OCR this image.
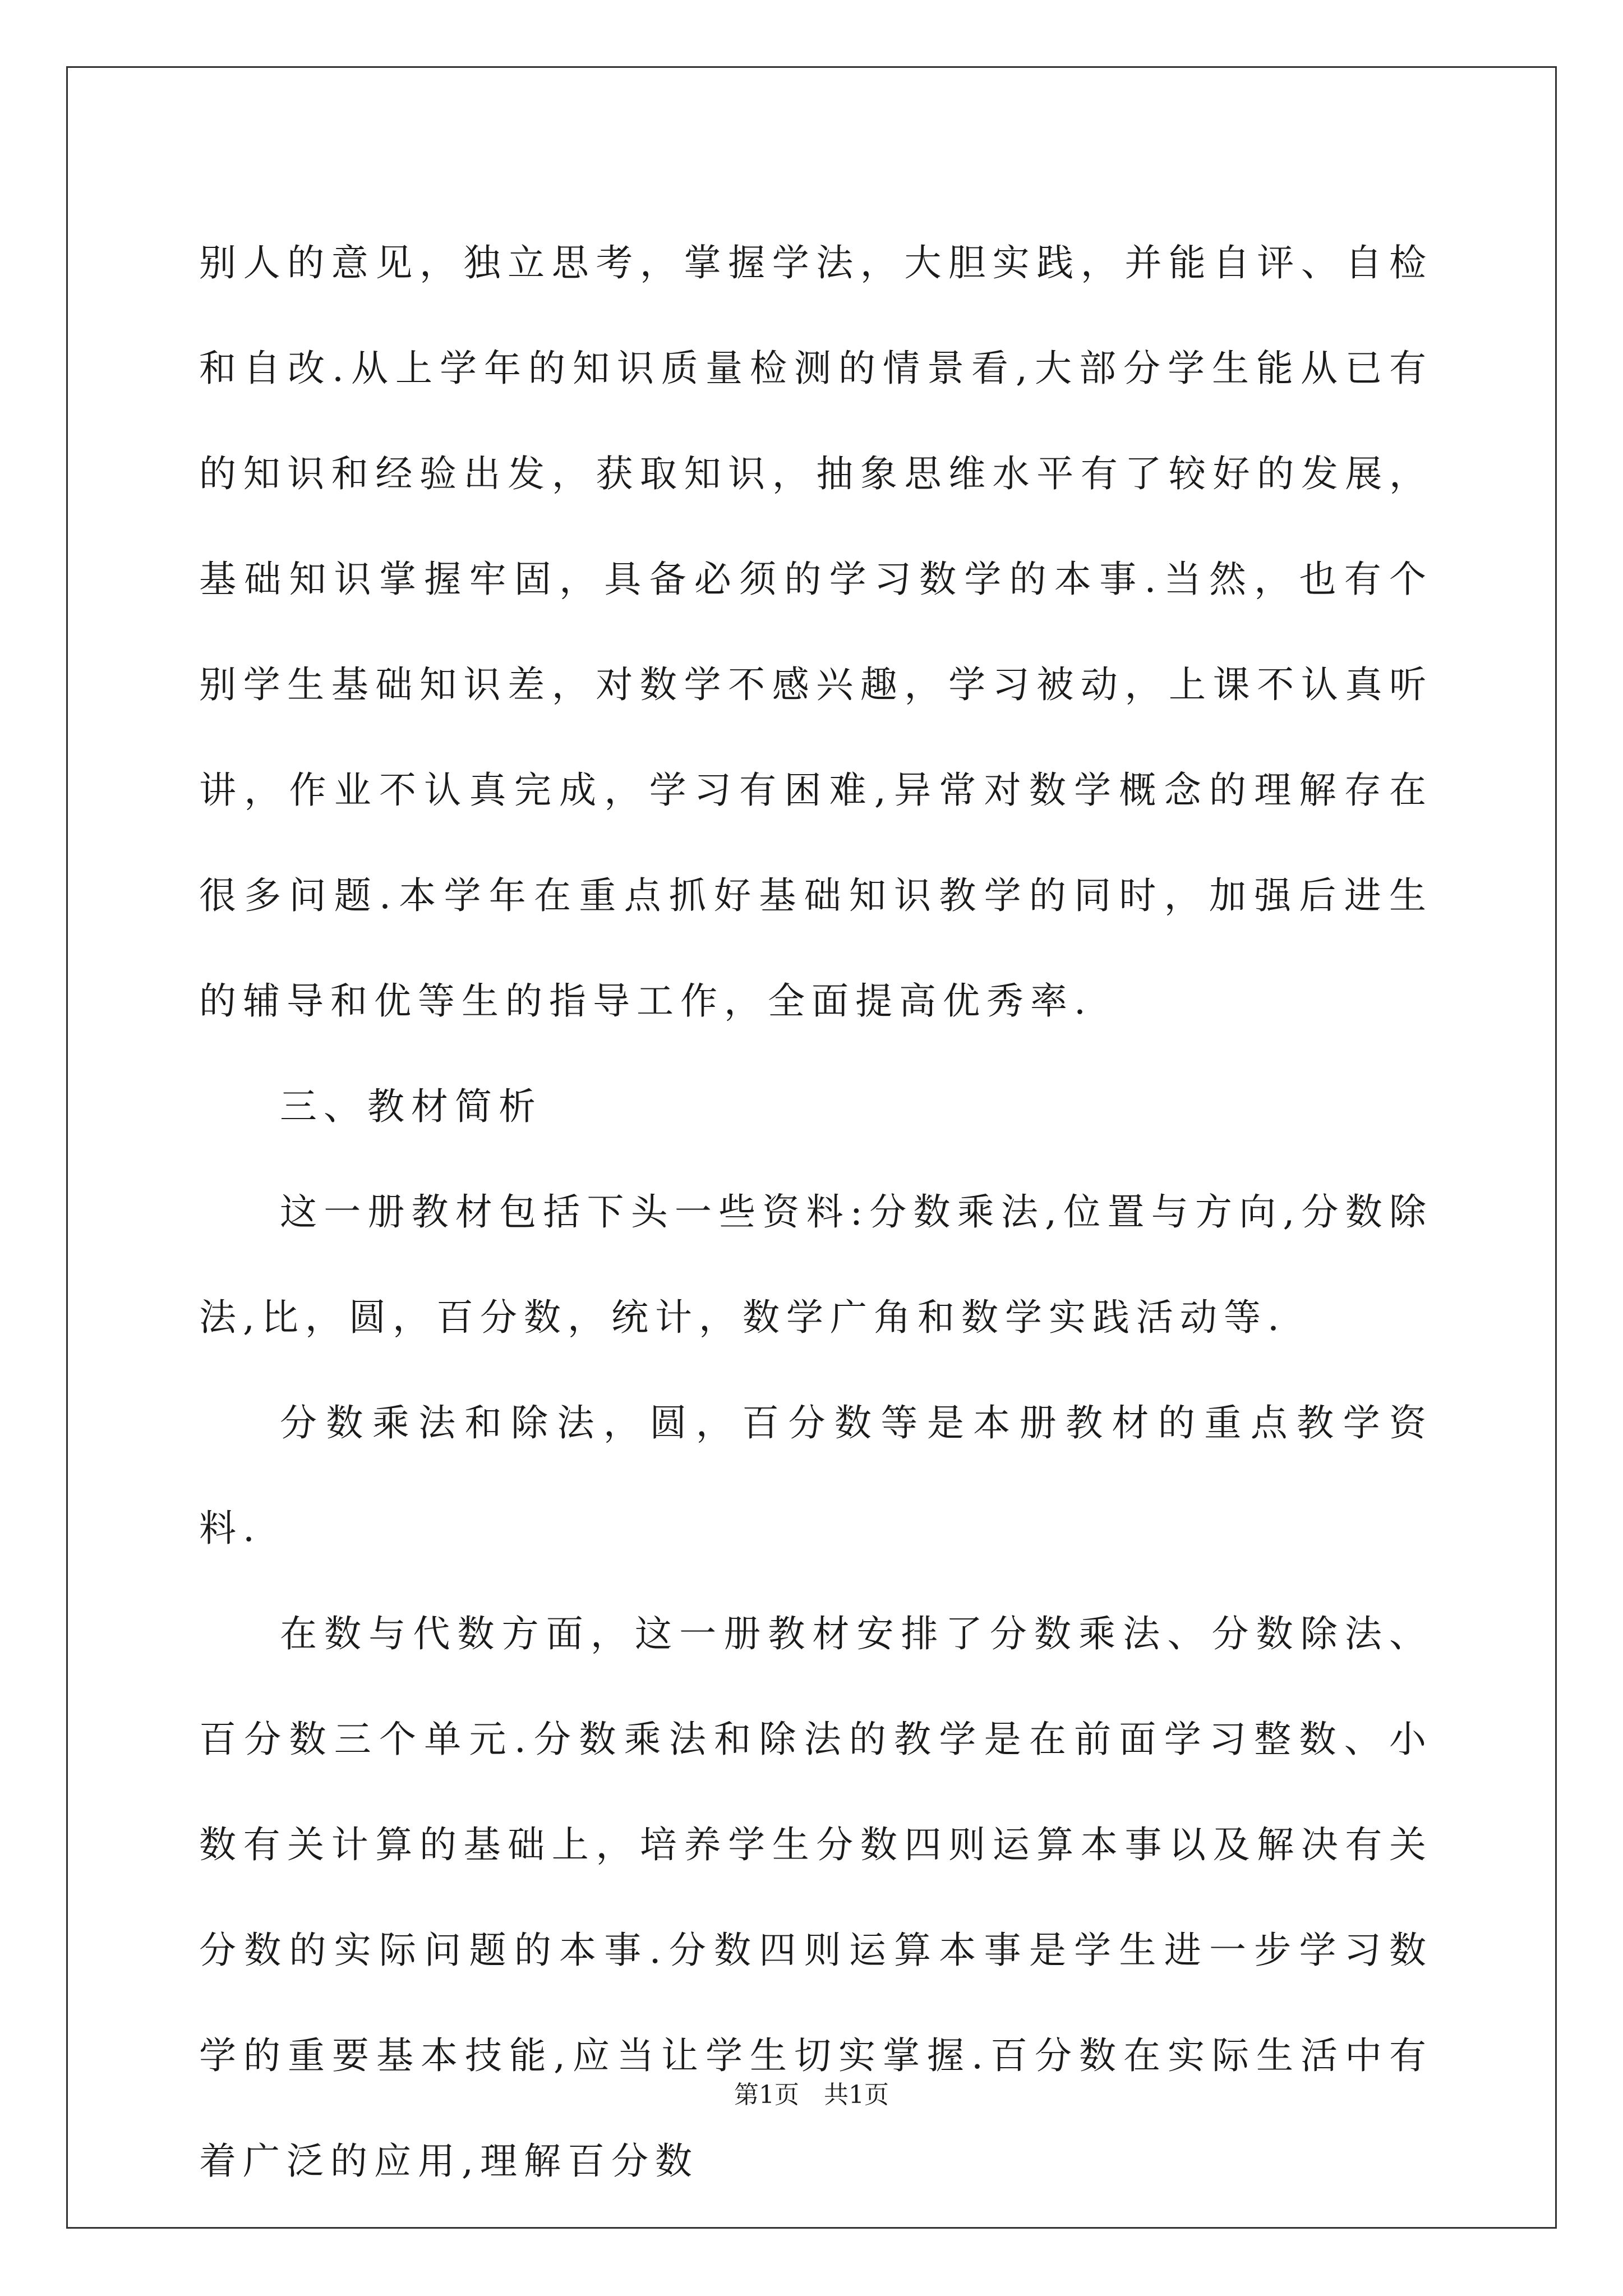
别人的意见，独立思考，掌握学法，大胆实践，并能自评、自检和自改.从上学年的知识质量检测的情景看,大部分学生能从已有的知识和经验出发，获取知识，抽象思维水平有了较好的发展，基础知识掌握牢固，具备必须的学习数学的本事.当然，也有个别学生基础知识差，对数学不感兴趣，学习被动，上课不认真听讲，作业不认真完成，学习有困难,异常对数学概念的理解存在很多问题.本学年在重点抓好基础知识教学的同时，加强后进生的辅导和优等生的指导工作，全面提高优秀率.

三、教材简析

这一册教材包括下头一些资料:分数乘法,位置与方向,分数除法,比，圆，百分数，统计，数学广角和数学实践活动等.

分数乘法和除法，圆，百分数等是本册教材的重点教学资料.

在数与代数方面，这一册教材安排了分数乘法、分数除法、百分数三个单元.分数乘法和除法的教学是在前面学习整数、小数有关计算的基础上，培养学生分数四则运算本事以及解决有关分数的实际问题的本事.分数四则运算本事是学生进一步学习数学的重要基本技能,应当让学生切实掌握.百分数在实际生活中有着广泛的应用,理解百分数

第1页 共1页
